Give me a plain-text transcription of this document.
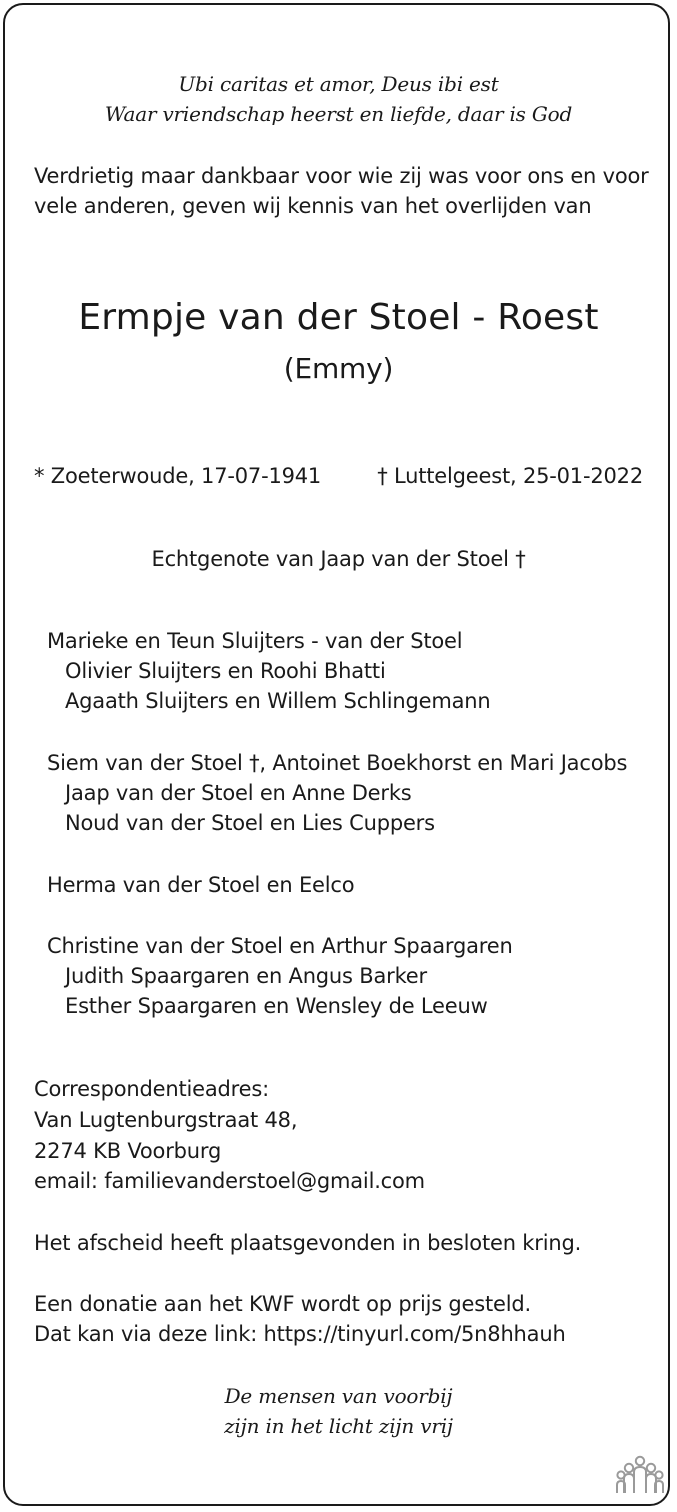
Ubi caritas et amor, Deus ibi est
Waar vriendschap heerst en liefde, daar is God
Verdrietig maar dankbaar voor wie zij was voor ons en voor
vele anderen, geven wij kennis van het overlijden van
Ermpje van der Stoel - Roest
(Emmy)
* Zoeterwoude, 17-07-1941	† Luttelgeest, 25-01-2022
Echtgenote van Jaap van der Stoel †
Marieke en Teun Sluijters - van der Stoel
Olivier Sluijters en Roohi Bhatti
Agaath Sluijters en Willem Schlingemann
Siem van der Stoel †, Antoinet Boekhorst en Mari Jacobs
Jaap van der Stoel en Anne Derks
Noud van der Stoel en Lies Cuppers
Herma van der Stoel en Eelco
Christine van der Stoel en Arthur Spaargaren
Judith Spaargaren en Angus Barker
Esther Spaargaren en Wensley de Leeuw
Correspondentieadres:
Van Lugtenburgstraat 48,
2274 KB Voorburg
email: familievanderstoel@gmail.com
Het afscheid heeft plaatsgevonden in besloten kring.
Een donatie aan het KWF wordt op prijs gesteld.
Dat kan via deze link: https://tinyurl.com/5n8hhauh
De mensen van voorbij
zijn in het licht zijn vrij
